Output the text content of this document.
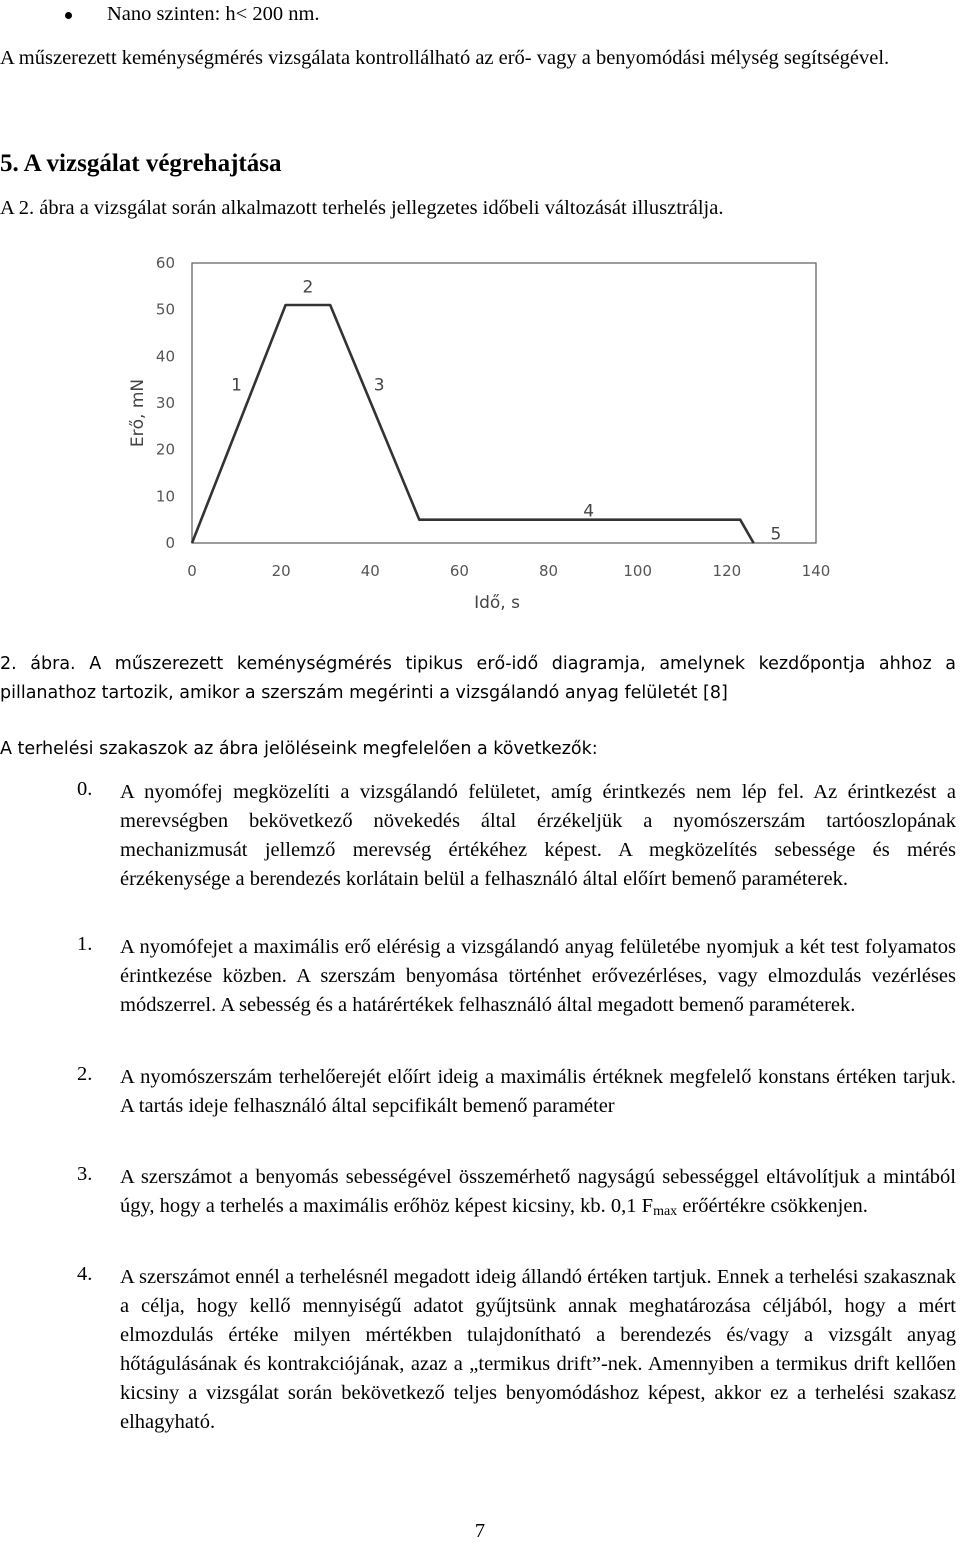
Nano szinten: h< 200 nm.
A műszerezett keménységmérés vizsgálata kontrollálható az erő- vagy a benyomódási mélység segítségével.
5. A vizsgálat végrehajtása
A 2. ábra a vizsgálat során alkalmazott terhelés jellegzetes időbeli változását illusztrálja.
0
10
20
30
40
50
60
0	20	40	60	80	100	120	140
Idő, s
Erő, mN	1
2
3
4
5
2. ábra. A műszerezett keménységmérés tipikus erő-idő diagramja, amelynek kezdőpontja ahhoz a pillanathoz tartozik, amikor a szerszám megérinti a vizsgálandó anyag felületét [8]
A terhelési szakaszok az ábra jelöléseink megfelelően a következők:
0. A nyomófej megközelíti a vizsgálandó felületet, amíg érintkezés nem lép fel. Az érintkezést a merevségben bekövetkező növekedés által érzékeljük a nyomószerszám tartóoszlopának mechanizmusát jellemző merevség értékéhez képest. A megközelítés sebessége és mérés érzékenysége a berendezés korlátain belül a felhasználó által előírt bemenő paraméterek.
1. A nyomófejet a maximális erő elérésig a vizsgálandó anyag felületébe nyomjuk a két test folyamatos érintkezése közben. A szerszám benyomása történhet erővezérléses, vagy elmozdulás vezérléses módszerrel. A sebesség és a határértékek felhasználó által megadott bemenő paraméterek.
2. A nyomószerszám terhelőerejét előírt ideig a maximális értéknek megfelelő konstans értéken tarjuk. A tartás ideje felhasználó által sepcifikált bemenő paraméter
3. A szerszámot a benyomás sebességével összemérhető nagyságú sebességgel eltávolítjuk a mintából úgy, hogy a terhelés a maximális erőhöz képest kicsiny, kb. 0,1 $F_{max}$ erőértékre csökkenjen.
4. A szerszámot ennél a terhelésnél megadott ideig állandó értéken tartjuk. Ennek a terhelési szakasznak a célja, hogy kellő mennyiségű adatot gyűjtsünk annak meghatározása céljából, hogy a mért elmozdulás értéke milyen mértékben tulajdonítható a berendezés és/vagy a vizsgált anyag hőtágulásának és kontrakciójának, azaz a „termikus drift”-nek. Amennyiben a termikus drift kellően kicsiny a vizsgálat során bekövetkező teljes benyomódáshoz képest, akkor ez a terhelési szakasz elhagyható.
7
